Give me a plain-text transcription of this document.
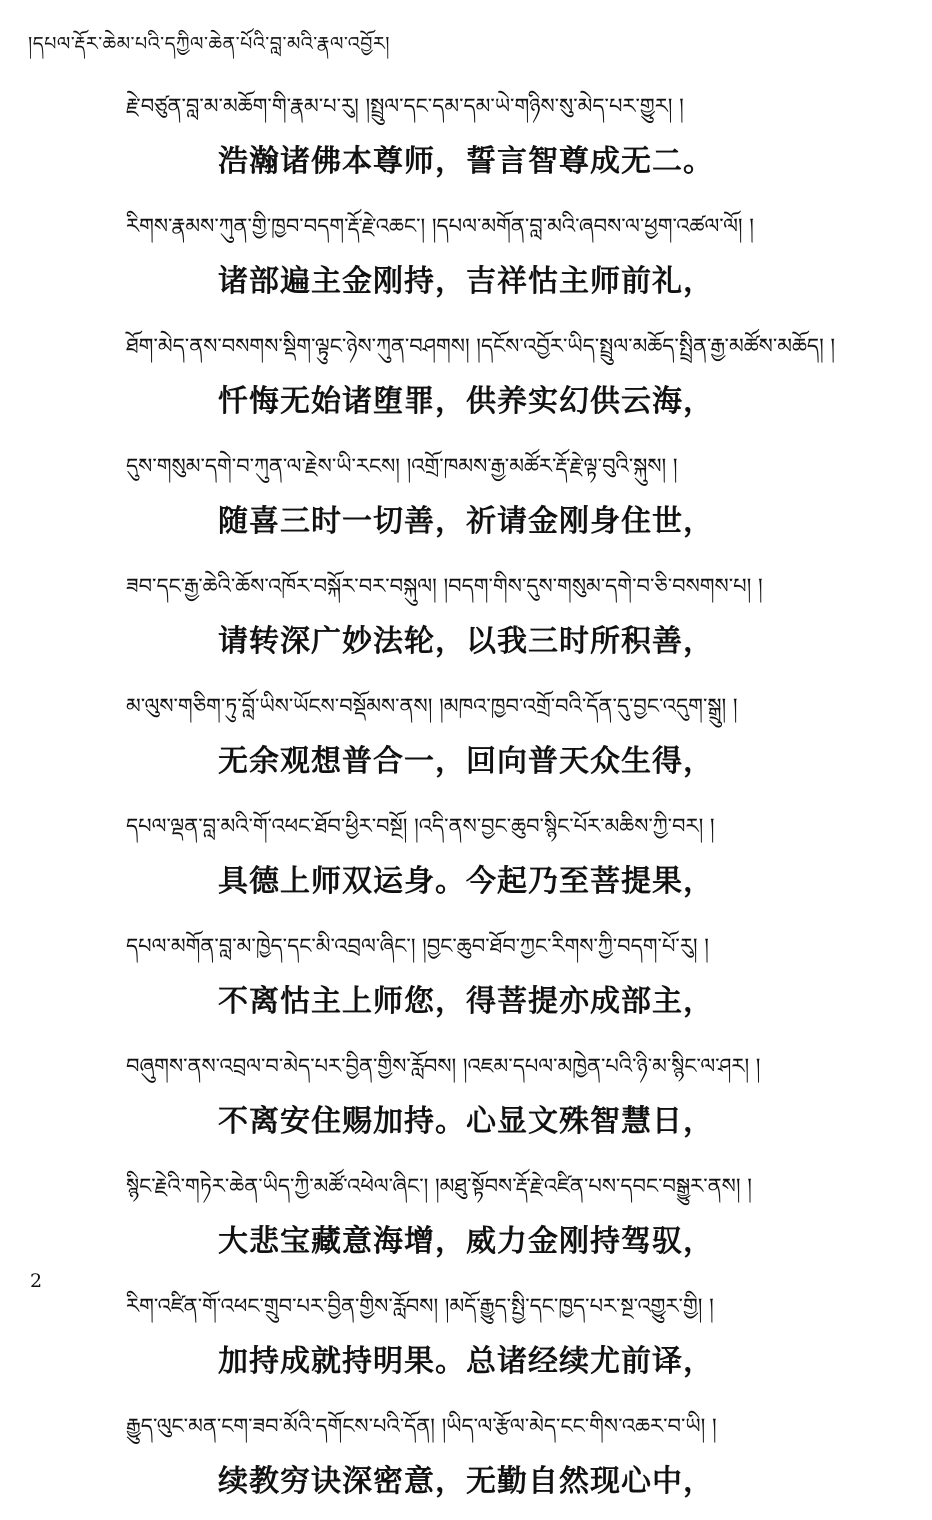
།དཔལ་རྡོར་ཆེམ་པའི་དཀྱིལ་ཆེན་པོའི་བླ་མའི་རྣལ་འབྱོར།
རྗེ་བཙུན་བླ་མ་མཆོག་གི་རྣམ་པ་རུ། །སྤྲུལ་དང་དམ་དམ་ཡེ་གཉིས་སུ་མེད་པར་གྱུར། །
浩瀚诸佛本尊师，誓言智尊成无二。
རིགས་རྣམས་ཀུན་གྱི་ཁྱབ་བདག་རྡོ་རྗེ་འཆང་། །དཔལ་མགོན་བླ་མའི་ཞབས་ལ་ཕྱག་འཚལ་ལོ། །
诸部遍主金刚持，吉祥怙主师前礼，
ཐོག་མེད་ནས་བསགས་སྡིག་ལྟུང་ཉེས་ཀུན་བཤགས། །དངོས་འབྱོར་ཡིད་སྤྲུལ་མཆོད་སྤྲིན་རྒྱ་མཚོས་མཆོད། །
忏悔无始诸堕罪，供养实幻供云海，
དུས་གསུམ་དགེ་བ་ཀུན་ལ་རྗེས་ཡི་རངས། །འགྲོ་ཁམས་རྒྱ་མཚོར་རྡོ་རྗེ་ལྟ་བུའི་སྐུས། །
随喜三时一切善，祈请金刚身住世，
ཟབ་དང་རྒྱ་ཆེའི་ཆོས་འཁོར་བསྐོར་བར་བསྐུལ། །བདག་གིས་དུས་གསུམ་དགེ་བ་ཅི་བསགས་པ། །
请转深广妙法轮，以我三时所积善，
མ་ལུས་གཅིག་ཏུ་བློ་ཡིས་ཡོངས་བསྡོམས་ནས། །མཁའ་ཁྱབ་འགྲོ་བའི་དོན་དུ་བྱང་འདུག་སྒྲུ། །
无余观想普合一，回向普天众生得，
དཔལ་ལྡན་བླ་མའི་གོ་འཕང་ཐོབ་ཕྱིར་བསྔོ། །འདི་ནས་བྱང་ཆུབ་སྙིང་པོར་མཆིས་ཀྱི་བར། །
具德上师双运身。今起乃至菩提果，
དཔལ་མགོན་བླ་མ་ཁྱེད་དང་མི་འབྲལ་ཞིང་། །བྱང་ཆུབ་ཐོབ་ཀྱང་རིགས་ཀྱི་བདག་པོ་རུ། །
不离怙主上师您，得菩提亦成部主，
བཞུགས་ནས་འབྲལ་བ་མེད་པར་བྱིན་གྱིས་རློབས། །འཇམ་དཔལ་མཁྱེན་པའི་ཉི་མ་སྙིང་ལ་ཤར། །
不离安住赐加持。心显文殊智慧日，
སྙིང་རྗེའི་གཏེར་ཆེན་ཡིད་ཀྱི་མཚོ་འཕེལ་ཞིང་། །མཐུ་སྟོབས་རྡོ་རྗེ་འཛིན་པས་དབང་བསྒྱུར་ནས། །
大悲宝藏意海增，威力金刚持驾驭，
རིག་འཛིན་གོ་འཕང་གྲུབ་པར་བྱིན་གྱིས་རློབས། །མདོ་རྒྱུད་སྤྱི་དང་ཁྱད་པར་སྔ་འགྱུར་གྱི། །
加持成就持明果。总诸经续尤前译，
རྒྱུད་ལུང་མན་ངག་ཟབ་མོའི་དགོངས་པའི་དོན། །ཡིད་ལ་རྩོལ་མེད་ངང་གིས་འཆར་བ་ཡི། །
续教穷诀深密意，无勤自然现心中，
2
